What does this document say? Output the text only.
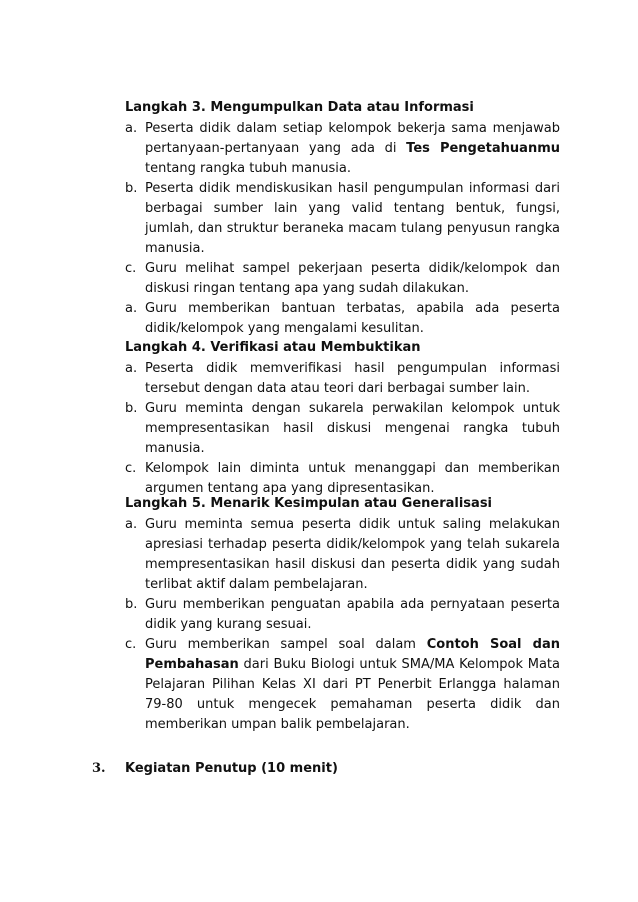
Langkah 3. Mengumpulkan Data atau Informasi
a. Peserta didik dalam setiap kelompok bekerja sama menjawab pertanyaan-pertanyaan yang ada di Tes Pengetahuanmu tentang rangka tubuh manusia.
b. Peserta didik mendiskusikan hasil pengumpulan informasi dari berbagai sumber lain yang valid tentang bentuk, fungsi, jumlah, dan struktur beraneka macam tulang penyusun rangka manusia.
c. Guru melihat sampel pekerjaan peserta didik/kelompok dan diskusi ringan tentang apa yang sudah dilakukan.
a. Guru memberikan bantuan terbatas, apabila ada peserta didik/kelompok yang mengalami kesulitan.
Langkah 4. Verifikasi atau Membuktikan
a. Peserta didik memverifikasi hasil pengumpulan informasi tersebut dengan data atau teori dari berbagai sumber lain.
b. Guru meminta dengan sukarela perwakilan kelompok untuk mempresentasikan hasil diskusi mengenai rangka tubuh manusia.
c. Kelompok lain diminta untuk menanggapi dan memberikan argumen tentang apa yang dipresentasikan.
Langkah 5. Menarik Kesimpulan atau Generalisasi
a. Guru meminta semua peserta didik untuk saling melakukan apresiasi terhadap peserta didik/kelompok yang telah sukarela mempresentasikan hasil diskusi dan peserta didik yang sudah terlibat aktif dalam pembelajaran.
b. Guru memberikan penguatan apabila ada pernyataan peserta didik yang kurang sesuai.
c. Guru memberikan sampel soal dalam Contoh Soal dan Pembahasan dari Buku Biologi untuk SMA/MA Kelompok Mata Pelajaran Pilihan Kelas XI dari PT Penerbit Erlangga halaman 79-80 untuk mengecek pemahaman peserta didik dan memberikan umpan balik pembelajaran.
3. Kegiatan Penutup (10 menit)
